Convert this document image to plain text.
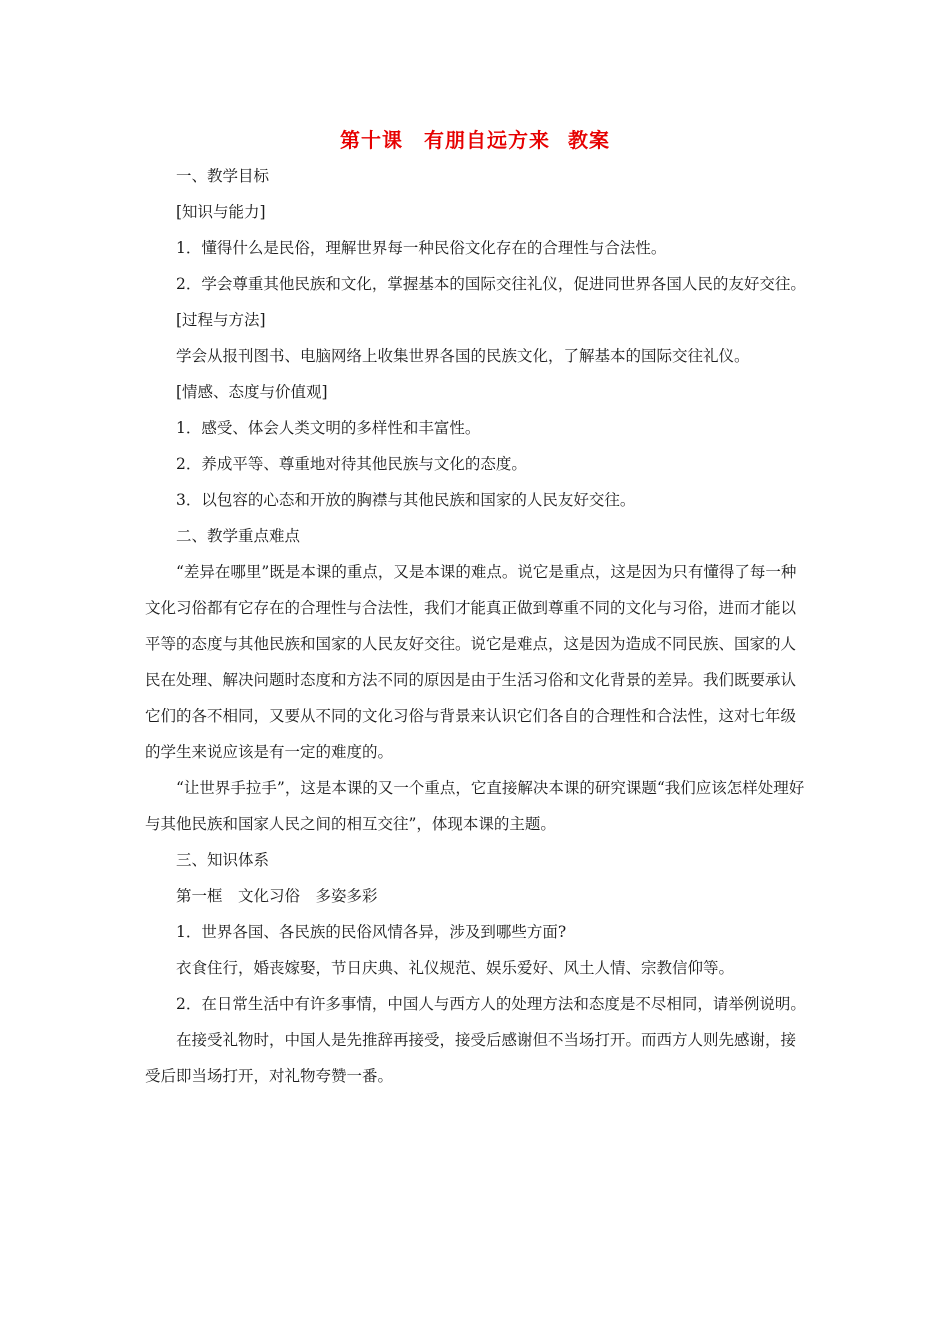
第十课　有朋自远方来 教案

一、教学目标

[知识与能力]

1．懂得什么是民俗，理解世界每一种民俗文化存在的合理性与合法性。

2．学会尊重其他民族和文化，掌握基本的国际交往礼仪，促进同世界各国人民的友好交往。

[过程与方法]

学会从报刊图书、电脑网络上收集世界各国的民族文化，了解基本的国际交往礼仪。

[情感、态度与价值观]

1．感受、体会人类文明的多样性和丰富性。

2．养成平等、尊重地对待其他民族与文化的态度。

3．以包容的心态和开放的胸襟与其他民族和国家的人民友好交往。

二、教学重点难点

“差异在哪里”既是本课的重点，又是本课的难点。说它是重点，这是因为只有懂得了每一种文化习俗都有它存在的合理性与合法性，我们才能真正做到尊重不同的文化与习俗，进而才能以平等的态度与其他民族和国家的人民友好交往。说它是难点，这是因为造成不同民族、国家的人民在处理、解决问题时态度和方法不同的原因是由于生活习俗和文化背景的差异。我们既要承认它们的各不相同，又要从不同的文化习俗与背景来认识它们各自的合理性和合法性，这对七年级的学生来说应该是有一定的难度的。

“让世界手拉手”，这是本课的又一个重点，它直接解决本课的研究课题“我们应该怎样处理好与其他民族和国家人民之间的相互交往”，体现本课的主题。

三、知识体系

第一框　文化习俗　多姿多彩

1．世界各国、各民族的民俗风情各异，涉及到哪些方面?

衣食住行，婚丧嫁娶，节日庆典、礼仪规范、娱乐爱好、风土人情、宗教信仰等。

2．在日常生活中有许多事情，中国人与西方人的处理方法和态度是不尽相同，请举例说明。

在接受礼物时，中国人是先推辞再接受，接受后感谢但不当场打开。而西方人则先感谢，接受后即当场打开，对礼物夸赞一番。
